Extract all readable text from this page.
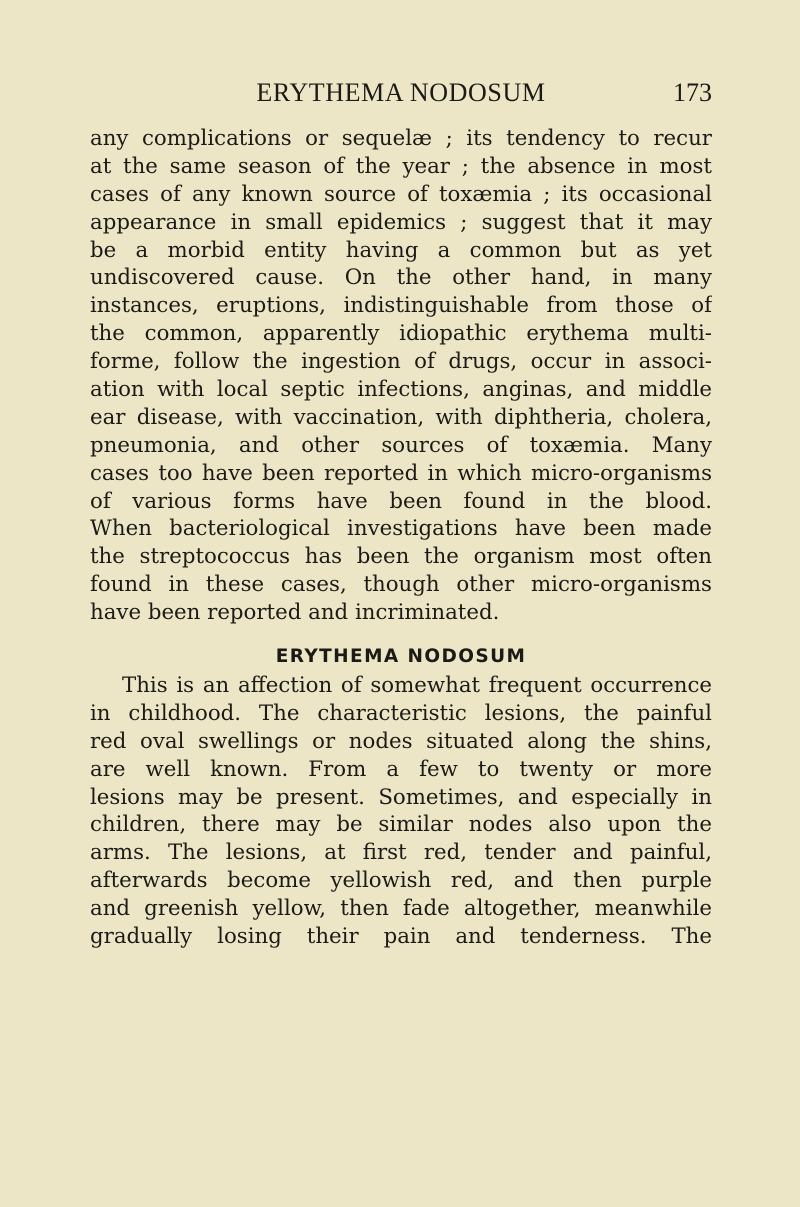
ERYTHEMA NODOSUM	173
any complications or sequelæ ; its tendency to recur
at the same season of the year ; the absence in most
cases of any known source of toxæmia ; its occasional
appearance in small epidemics ; suggest that it may
be a morbid entity having a common but as yet
undiscovered cause. On the other hand, in many
instances, eruptions, indistinguishable from those of
the common, apparently idiopathic erythema multi-
forme, follow the ingestion of drugs, occur in associ-
ation with local septic infections, anginas, and middle
ear disease, with vaccination, with diphtheria, cholera,
pneumonia, and other sources of toxæmia. Many
cases too have been reported in which micro-organisms
of various forms have been found in the blood.
When bacteriological investigations have been made
the streptococcus has been the organism most often
found in these cases, though other micro-organisms
have been reported and incriminated.
ERYTHEMA NODOSUM
This is an affection of somewhat frequent occurrence
in childhood. The characteristic lesions, the painful
red oval swellings or nodes situated along the shins,
are well known. From a few to twenty or more
lesions may be present. Sometimes, and especially in
children, there may be similar nodes also upon the
arms. The lesions, at first red, tender and painful,
afterwards become yellowish red, and then purple
and greenish yellow, then fade altogether, meanwhile
gradually losing their pain and tenderness. The
